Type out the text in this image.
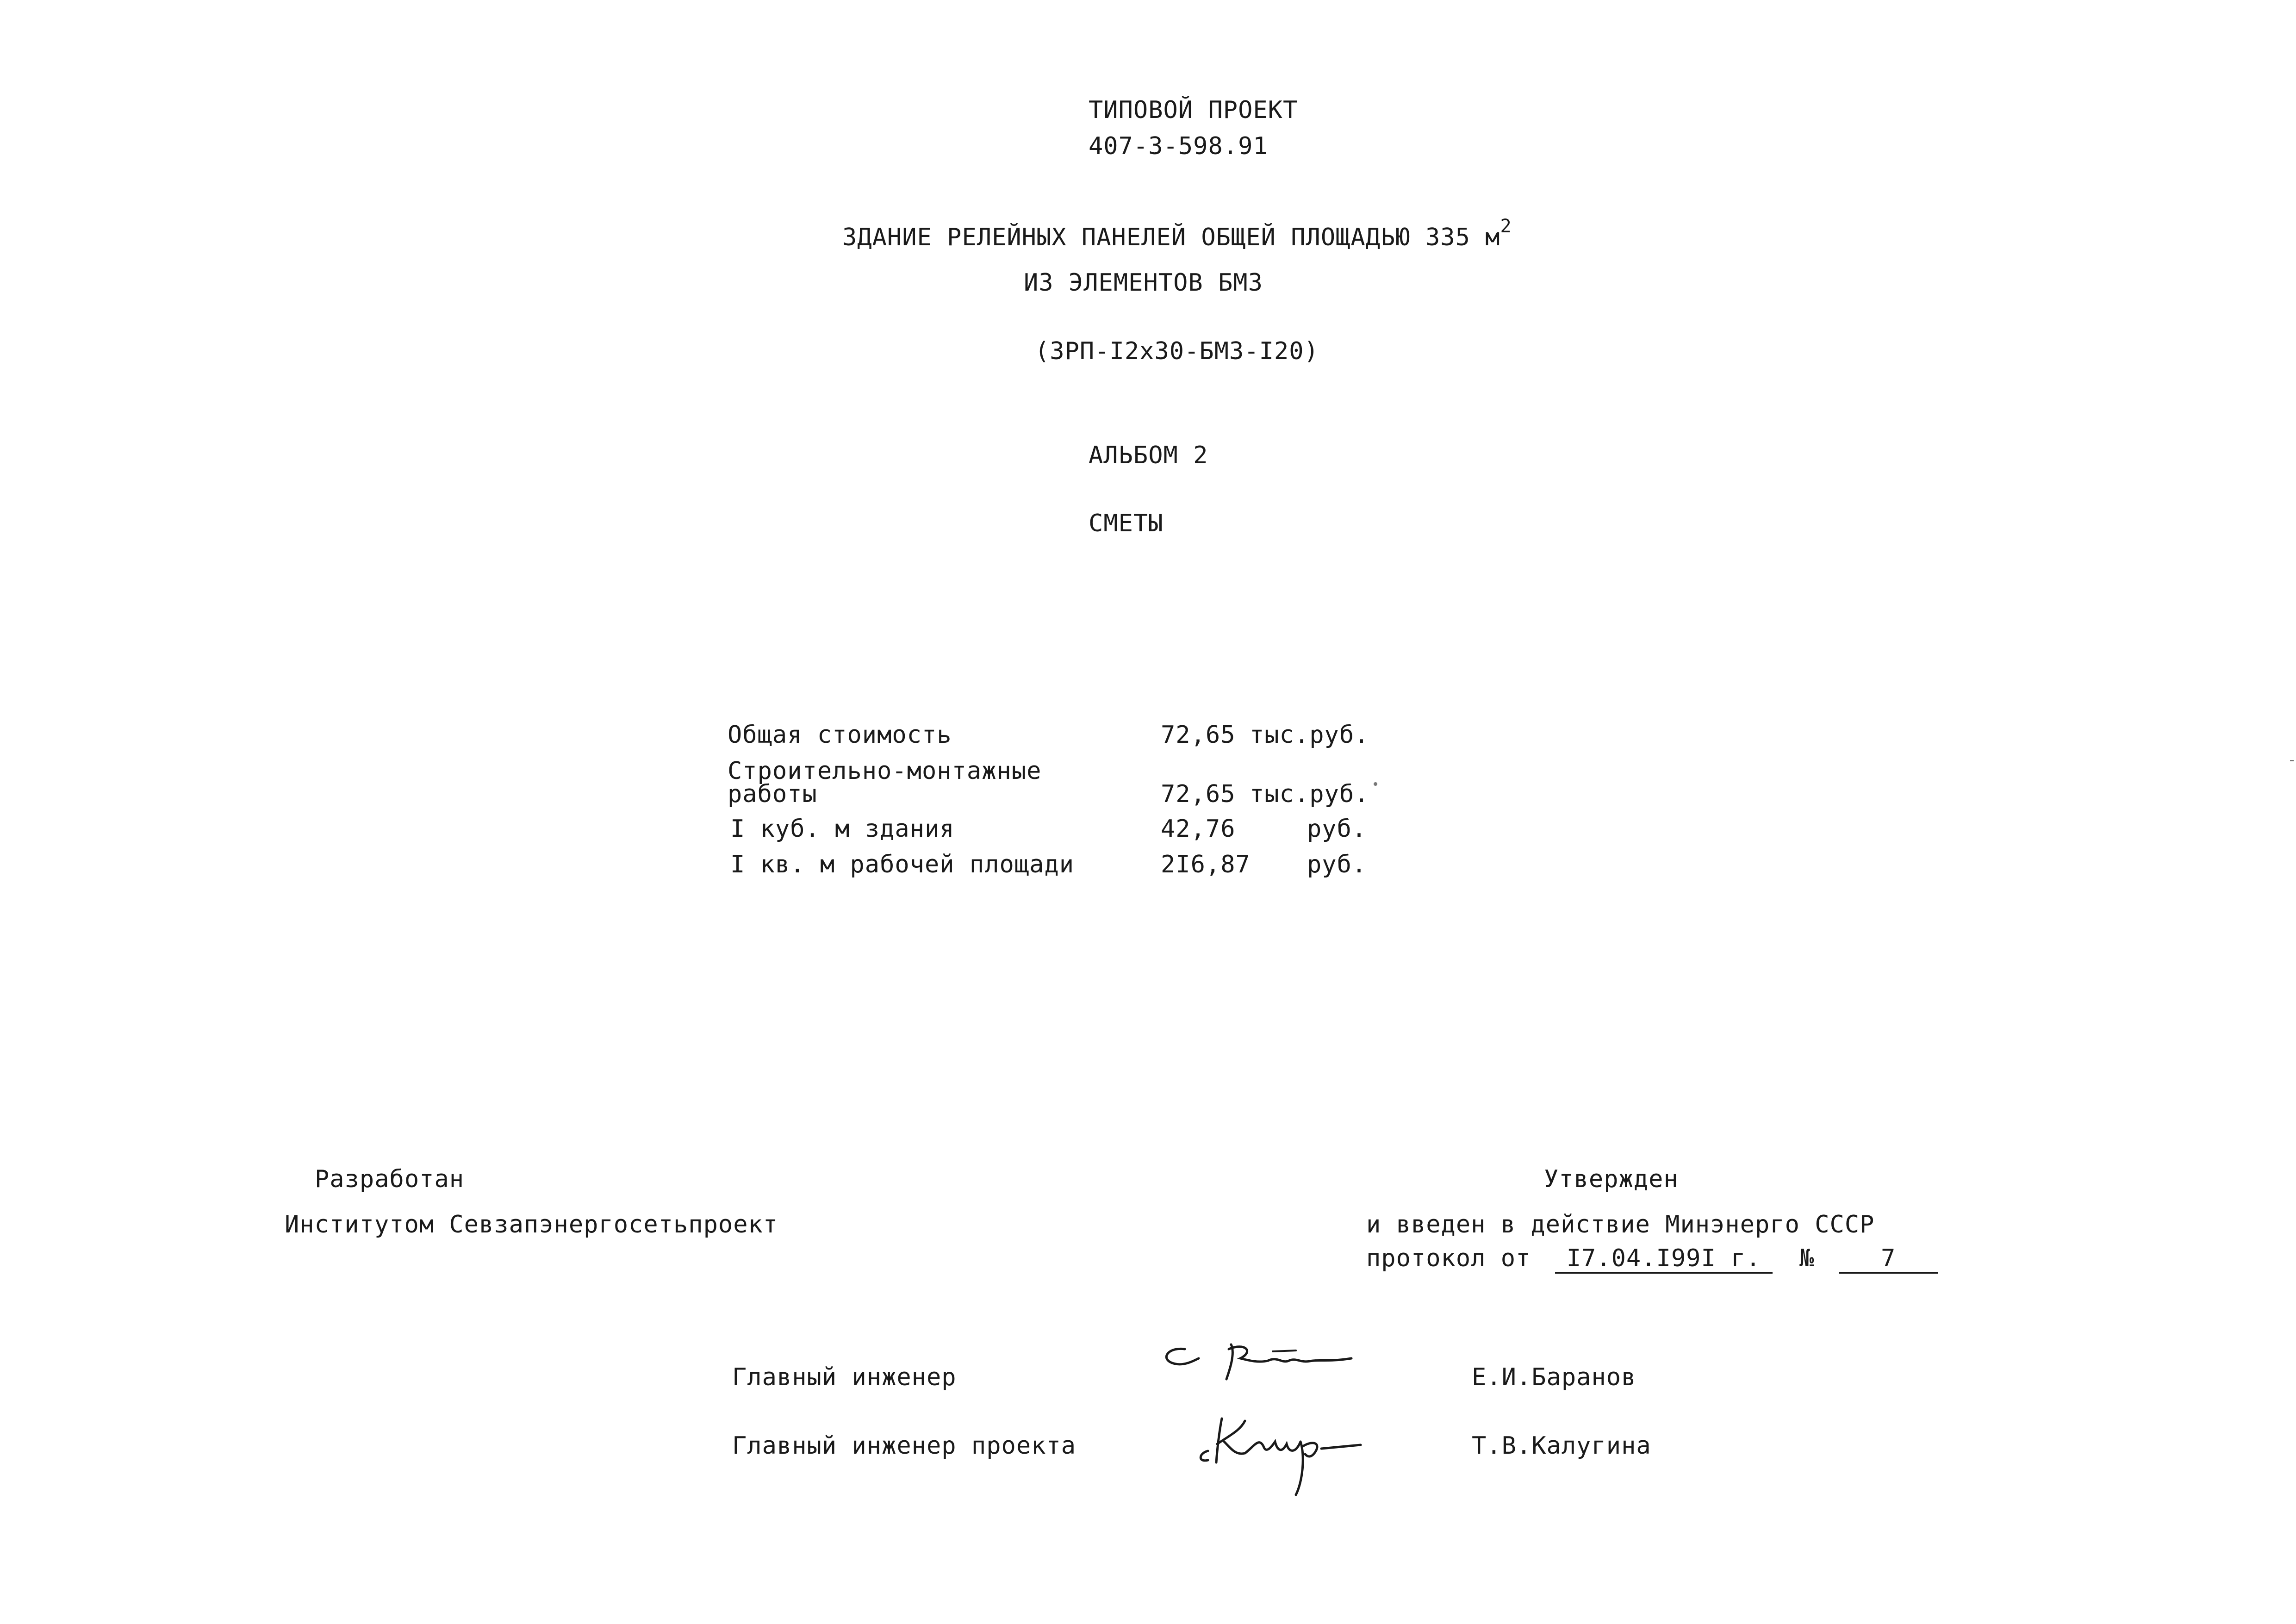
ТИПОВОЙ ПРОЕКТ
407-3-598.91
ЗДАНИЕ РЕЛЕЙНЫХ ПАНЕЛЕЙ ОБЩЕЙ ПЛОЩАДЬЮ 335 $м^2$
ИЗ ЭЛЕМЕНТОВ БМЗ
(ЗРП-I2х30-БМЗ-I20)
АЛЬБОМ 2
СМЕТЫ
Общая стоимость	72,65 тыс.руб.
Строительно-монтажные
работы	72,65 тыс.руб.
I куб. м здания	42,76	руб.
I кв. м рабочей площади	2I6,87 руб.
Разработан
Институтом Севзапэнергосетьпроект
Утвержден
и введен в действие Минэнерго СССР
протокол от I7.04.I99I г. №	7
Главный инженер	Е.И.Баранов
Главный инженер проекта	Т.В.Калугина
